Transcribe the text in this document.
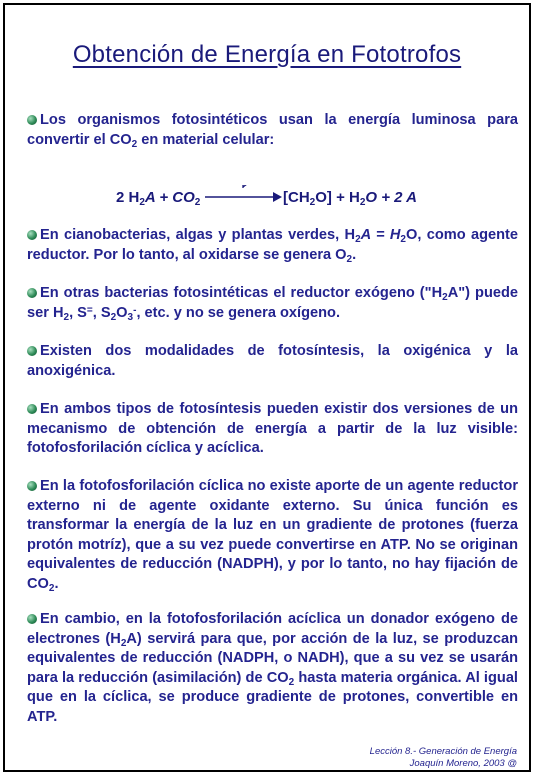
Obtención de Energía en Fototrofos
Los organismos fotosintéticos usan la energía luminosa para convertir el $CO_2$ en material celular:
2 $H_2A + CO_2$	$[CH_2O] + H_2O + 2$ A
En cianobacterias, algas y plantas verdes, $H_2A = H_2O$, como agente reductor. Por lo tanto, al oxidarse se genera $O_2$.
En otras bacterias fotosintéticas el reductor exógeno $("H_2A")$ puede ser $H_2$, S=, $S_2O_3^-$, etc. y no se genera oxígeno.
Existen dos modalidades de fotosíntesis, la oxigénica y la anoxigénica.
En ambos tipos de fotosíntesis pueden existir dos versiones de un mecanismo de obtención de energía a partir de la luz visible: fotofosforilación cíclica y acíclica.
En la fotofosforilación cíclica no existe aporte de un agente reductor externo ni de agente oxidante externo. Su única función es transformar la energía de la luz en un gradiente de protones (fuerza protón motríz), que a su vez puede convertirse en ATP. No se originan equivalentes de reducción (NADPH), y por lo tanto, no hay fijación de $CO_2$.
En cambio, en la fotofosforilación acíclica un donador exógeno de electrones $(H_2A)$ servirá para que, por acción de la luz, se produzcan equivalentes de reducción (NADPH, o NADH), que a su vez se usarán para la reducción (asimilación) de $CO_2$ hasta materia orgánica. Al igual que en la cíclica, se produce gradiente de protones, convertible en ATP.
Lección 8.- Generación de Energía
Joaquín Moreno, 2003 @
